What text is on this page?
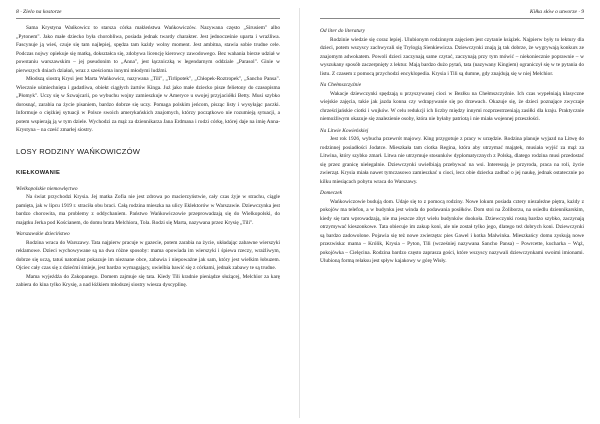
8 · Zielo na kostorze

Sama Krystyna Wańkowicz to starsza córka małżeństwa Wańkowiczów. Nazywana często „Sirusiem" albo „Pytonem". Jako małe dziecko była chorobliwa, posiada jednak twardy charakter. Jest jednocześnie uparta i wrażliwa. Fascynuje ją wieś, czuje się tam najlepiej, spędza tam każdy wolny moment. Jest ambitna, stawia sobie trudne cele. Podczas nojwy opiekuje się matką, dokształca się, zdobywa licencję kierowcy zawodowego. Bez wahania bierze udział w powstaniu warszawskim – jej pseudonim to „Anna", jest łączniczką w legendarnym oddziale „Parasol". Ginie w pierwszych dniach działań, wraz z sześcioma innymi młodymi ludźmi.

Młodszą siostrą Krysi jest Marta Wańkowicz, nazywana „Tili", „Tirlipotek", „Chłopek-Roztropek", „Sancho Pansa". Wiecznie uśmiechnięta i gadatliwa, obiekt ciągłych żartów Kinga. Już jako małe dziecko pisze felietony do czasopisma „Płomyk". Uczy się w Szwajcarii, po wybuchu wojny zamieszkuje w Ameryce u swojej przyjaciółki Betty. Musi szybko dorosnąć, zarabia na życie pisaniem, bardzo dobrze się uczy. Pomaga polskim jeńcom, pisząc listy i wysyłając paczki. Informuje o ciężkiej sytuacji w Polsce swoich amerykańskich znajomych, którzy początkowo nie rozumieją sytuacji, a potem wspierają ją w tym dziele. Wychodzi za mąż za dziennikarza Jana Erdmana i rodzi córkę, której daje na imię Anna-Krystyna – na cześć zmarłej siostry.

LOSY RODZINY WAŃKOWICZÓW
KIEŁKOWANIE
Wielkopolskie niemowlęctwo

Na świat przychodzi Krysia. Jej matka Zofia nie jest zdrowa po macierzyństwie, cały czas żyje w strachu, ciągle pamięta, jak w lipcu 1919 r. straciła obu braci. Całą rodzina mieszka na ulicy Eklektorów w Warszawie. Dziewczynka jest bardzo chorowita, ma problemy z oddychaniem. Państwo Wańkowiczowie przeprowadzają się do Wielkopolski, do majątku Jerka pod Kościanem, do domu brata Melchiora, Tola. Rodzi się Marta, nazywana przez Krysię „Tili".

Warszawskie dzieciństwo

Rodzina wraca do Warszawy. Tata najpierw pracuje w gazecie, potem zarabia na życie, układając zabawne wierszyki reklamowe. Dzieci wychowywane są na dwa różne sposoby: mama opowiada im wierszyki i śpiewa rzeczy, wrażliwym, dobrze się uczą, tatuś natomiast pokazuje im nieznane obce, zabawia i niepoważne jak sam, który jest wielkim łobuzem. Ojciec cały czas się z dziećmi śmieje, jest bardzo wymagający, uwielbia bawić się z córkami, jednak zabawy te są trudne.

Mama wyjeżdża do Zakopanego. Domem zajmuje się tata. Kiedy Tili kradnie pieniądze służącej, Melchior za karę zabiera do kina tylko Krysię, a nad łóżkiem młodszej siostry wiesza dyscyplinę.

Kiłka słów o utworze · 9
Od liter do literatury

Rodzinie wiedzie się coraz lepiej. Ulubionym rodzinnym zajęciem jest czytanie książek. Najpierw były to lektury dla dzieci, potem wszyscy zachwycali się Trylogią Sienkiewicza. Dziewczynki znają ją tak dobrze, że wygrywają konkurs ze znajomym adwokatem. Powoli dzieci zaczynają same czytać, zaczynają przy tym mówić – niekoniecznie poprawnie – w wyszukany sposób zaczerpnięty z lektur. Mają bardzo dużo pytań, tata (nazywany Kingiem) ograniczył się w te pytania do listu. Z czasem z pomocą przychodzi encyklopedia. Krysia i Tili są dumne, gdy znajdują się w niej Melchior.

Na Chełmszczyźnie

Wakacje dziewczynki spędzają u przyszywanej cioci w Bezłku na Chełmszczyźnie. Ich czas wypełniają klasyczne wiejskie zajęcia, takie jak jazda konna czy wdrapywanie się po drzewach. Okazuje się, że dzieci poznające zwyczaje chrześcijańskie ciotki i wujków. W celu redukcji ich liczby między innymi rozprzestrzeniają zasiłki dla kraju. Praktycznie niemożliwym okazuje się znalezienie osoby, która nie byłaby patriotą i nie miała wojennej przeszłości.

Na Litwie Kowieńskiej

Jest rok 1926, wybucha przewrót majowy. King przygotuje z pracy w urzędzie. Rodzina planuje wyjazd na Litwę do rodzinnej posiadłości Jodatce. Mieszkała tam ciotka Regina, która aby utrzymać majątek, musiała wyjść za mąż za Litwina, który szybko zmarł. Litwa nie utrzymuje stosunków dyplomatycznych z Polską, dlatego rodzina musi przedostać się przez granicę nielegalnie. Dziewczynki uwielbiają przebywać na wsi. Interesują je przyroda, praca na roli, życie zwierząt. Krysia miała nawet tymczasowo zamieszkać u cioci, lecz obie dziecka zadbać o jej naukę, jednak ostatecznie po kilku miesiącach pobytu wraca do Warszawy.

Domeczek

Wańkowiczowie budują dom. Udaje się to z pomocą rodziny. Nowe lokum posiada cztery niezależne piętra, każdy z pokojów ma telefon, a w budynku jest winda do podawania posiłków. Dom stoi na Żoliborzu, na osiedlu dziennikarskim, kiedy się tam wprowadzają, nie ma jeszcze zbyt wielu budynków dookoła. Dziewczynki rosną bardzo szybko, zaczynają otrzymywać kieszonkowe. Tata obiecuje im zakup koni, ale nie został tylko jego, dlatego też dobrych koni. Dziewczynki są bardzo zadowolone. Pojawia się też nowe zwierzęta: pies Gawel i kotka Malwinka. Mieszkańcy domu zyskują nowe przezwiska: mama – Królik, Krysia – Pyton, Tili (wcześniej nazywana Sancho Pansa) – Powrcette, kucharka – Wąż, pokojówka – Cielęcina. Rodzina bardzo często zaprasza gości, które wszyscy nazywali dziewczynkami swoimi imionami. Ulubioną formą relaksu jest spływ kajakowy w górę Wisły.
